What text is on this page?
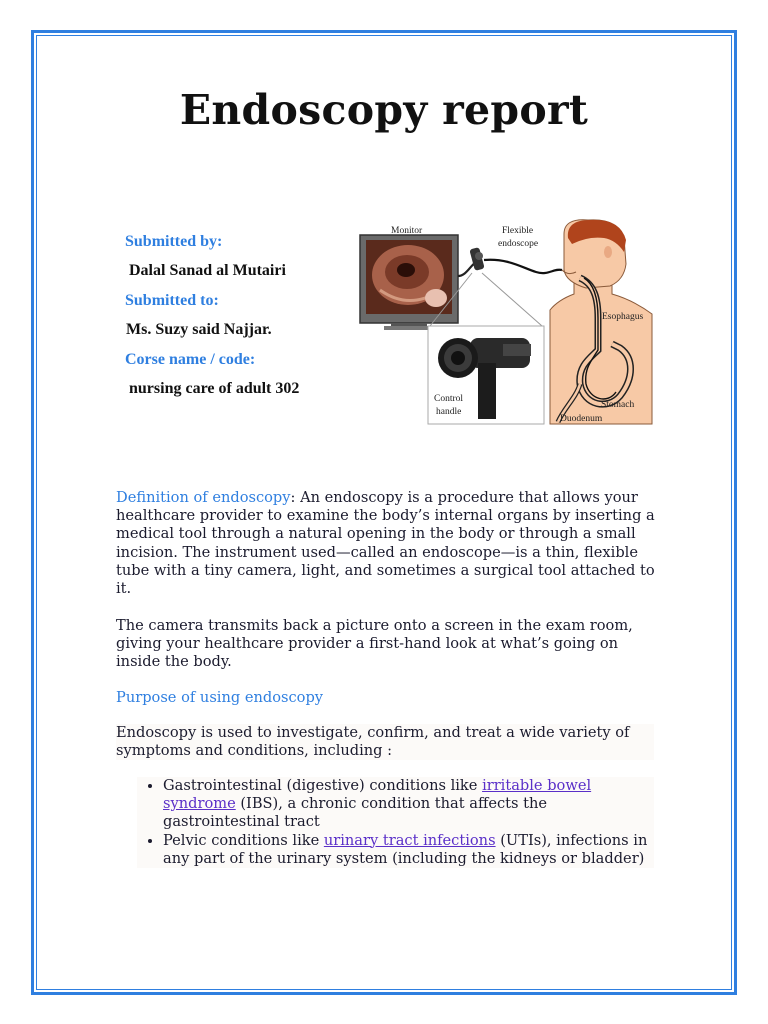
Endoscopy report
Submitted by:
Dalal Sanad al Mutairi
Submitted to:
Ms. Suzy said Najjar.
Corse name / code:
nursing care of adult 302
Monitor	Flexible
endoscope
Control
handle
Esophagus
Stomach
Duodenum
Definition of endoscopy: An endoscopy is a procedure that allows your healthcare provider to examine the body’s internal organs by inserting a medical tool through a natural opening in the body or through a small incision. The instrument used—called an endoscope—is a thin, flexible tube with a tiny camera, light, and sometimes a surgical tool attached to it.
The camera transmits back a picture onto a screen in the exam room, giving your healthcare provider a first-hand look at what’s going on inside the body.
Purpose of using endoscopy
Endoscopy is used to investigate, confirm, and treat a wide variety of symptoms and conditions, including :
• Gastrointestinal (digestive) conditions like irritable bowel syndrome (IBS), a chronic condition that affects the gastrointestinal tract
• Pelvic conditions like urinary tract infections (UTIs), infections in any part of the urinary system (including the kidneys or bladder)
